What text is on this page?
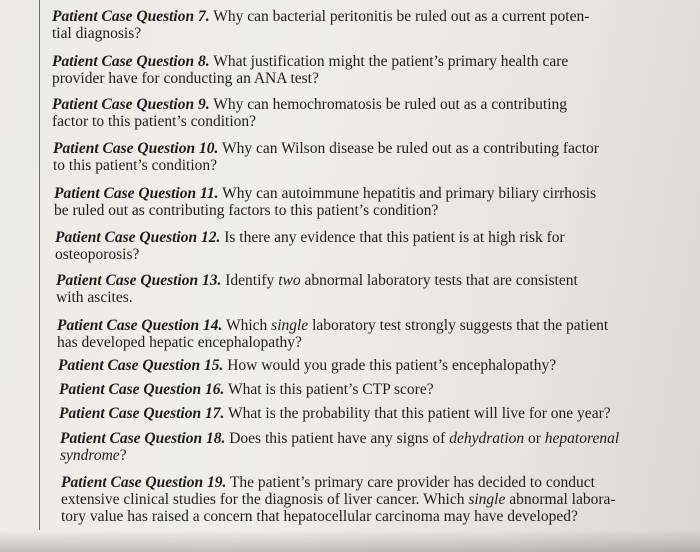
Patient Case Question 7. Why can bacterial peritonitis be ruled out as a current poten-
tial diagnosis?
Patient Case Question 8. What justification might the patient’s primary health care
provider have for conducting an ANA test?
Patient Case Question 9. Why can hemochromatosis be ruled out as a contributing
factor to this patient’s condition?
Patient Case Question 10. Why can Wilson disease be ruled out as a contributing factor
to this patient’s condition?
Patient Case Question 11. Why can autoimmune hepatitis and primary biliary cirrhosis
be ruled out as contributing factors to this patient’s condition?
Patient Case Question 12. Is there any evidence that this patient is at high risk for
osteoporosis?
Patient Case Question 13. Identify two abnormal laboratory tests that are consistent
with ascites.
Patient Case Question 14. Which single laboratory test strongly suggests that the patient
has developed hepatic encephalopathy?
Patient Case Question 15. How would you grade this patient’s encephalopathy?
Patient Case Question 16. What is this patient’s CTP score?
Patient Case Question 17. What is the probability that this patient will live for one year?
Patient Case Question 18. Does this patient have any signs of dehydration or hepatorenal
syndrome?
Patient Case Question 19. The patient’s primary care provider has decided to conduct
extensive clinical studies for the diagnosis of liver cancer. Which single abnormal labora-
tory value has raised a concern that hepatocellular carcinoma may have developed?
